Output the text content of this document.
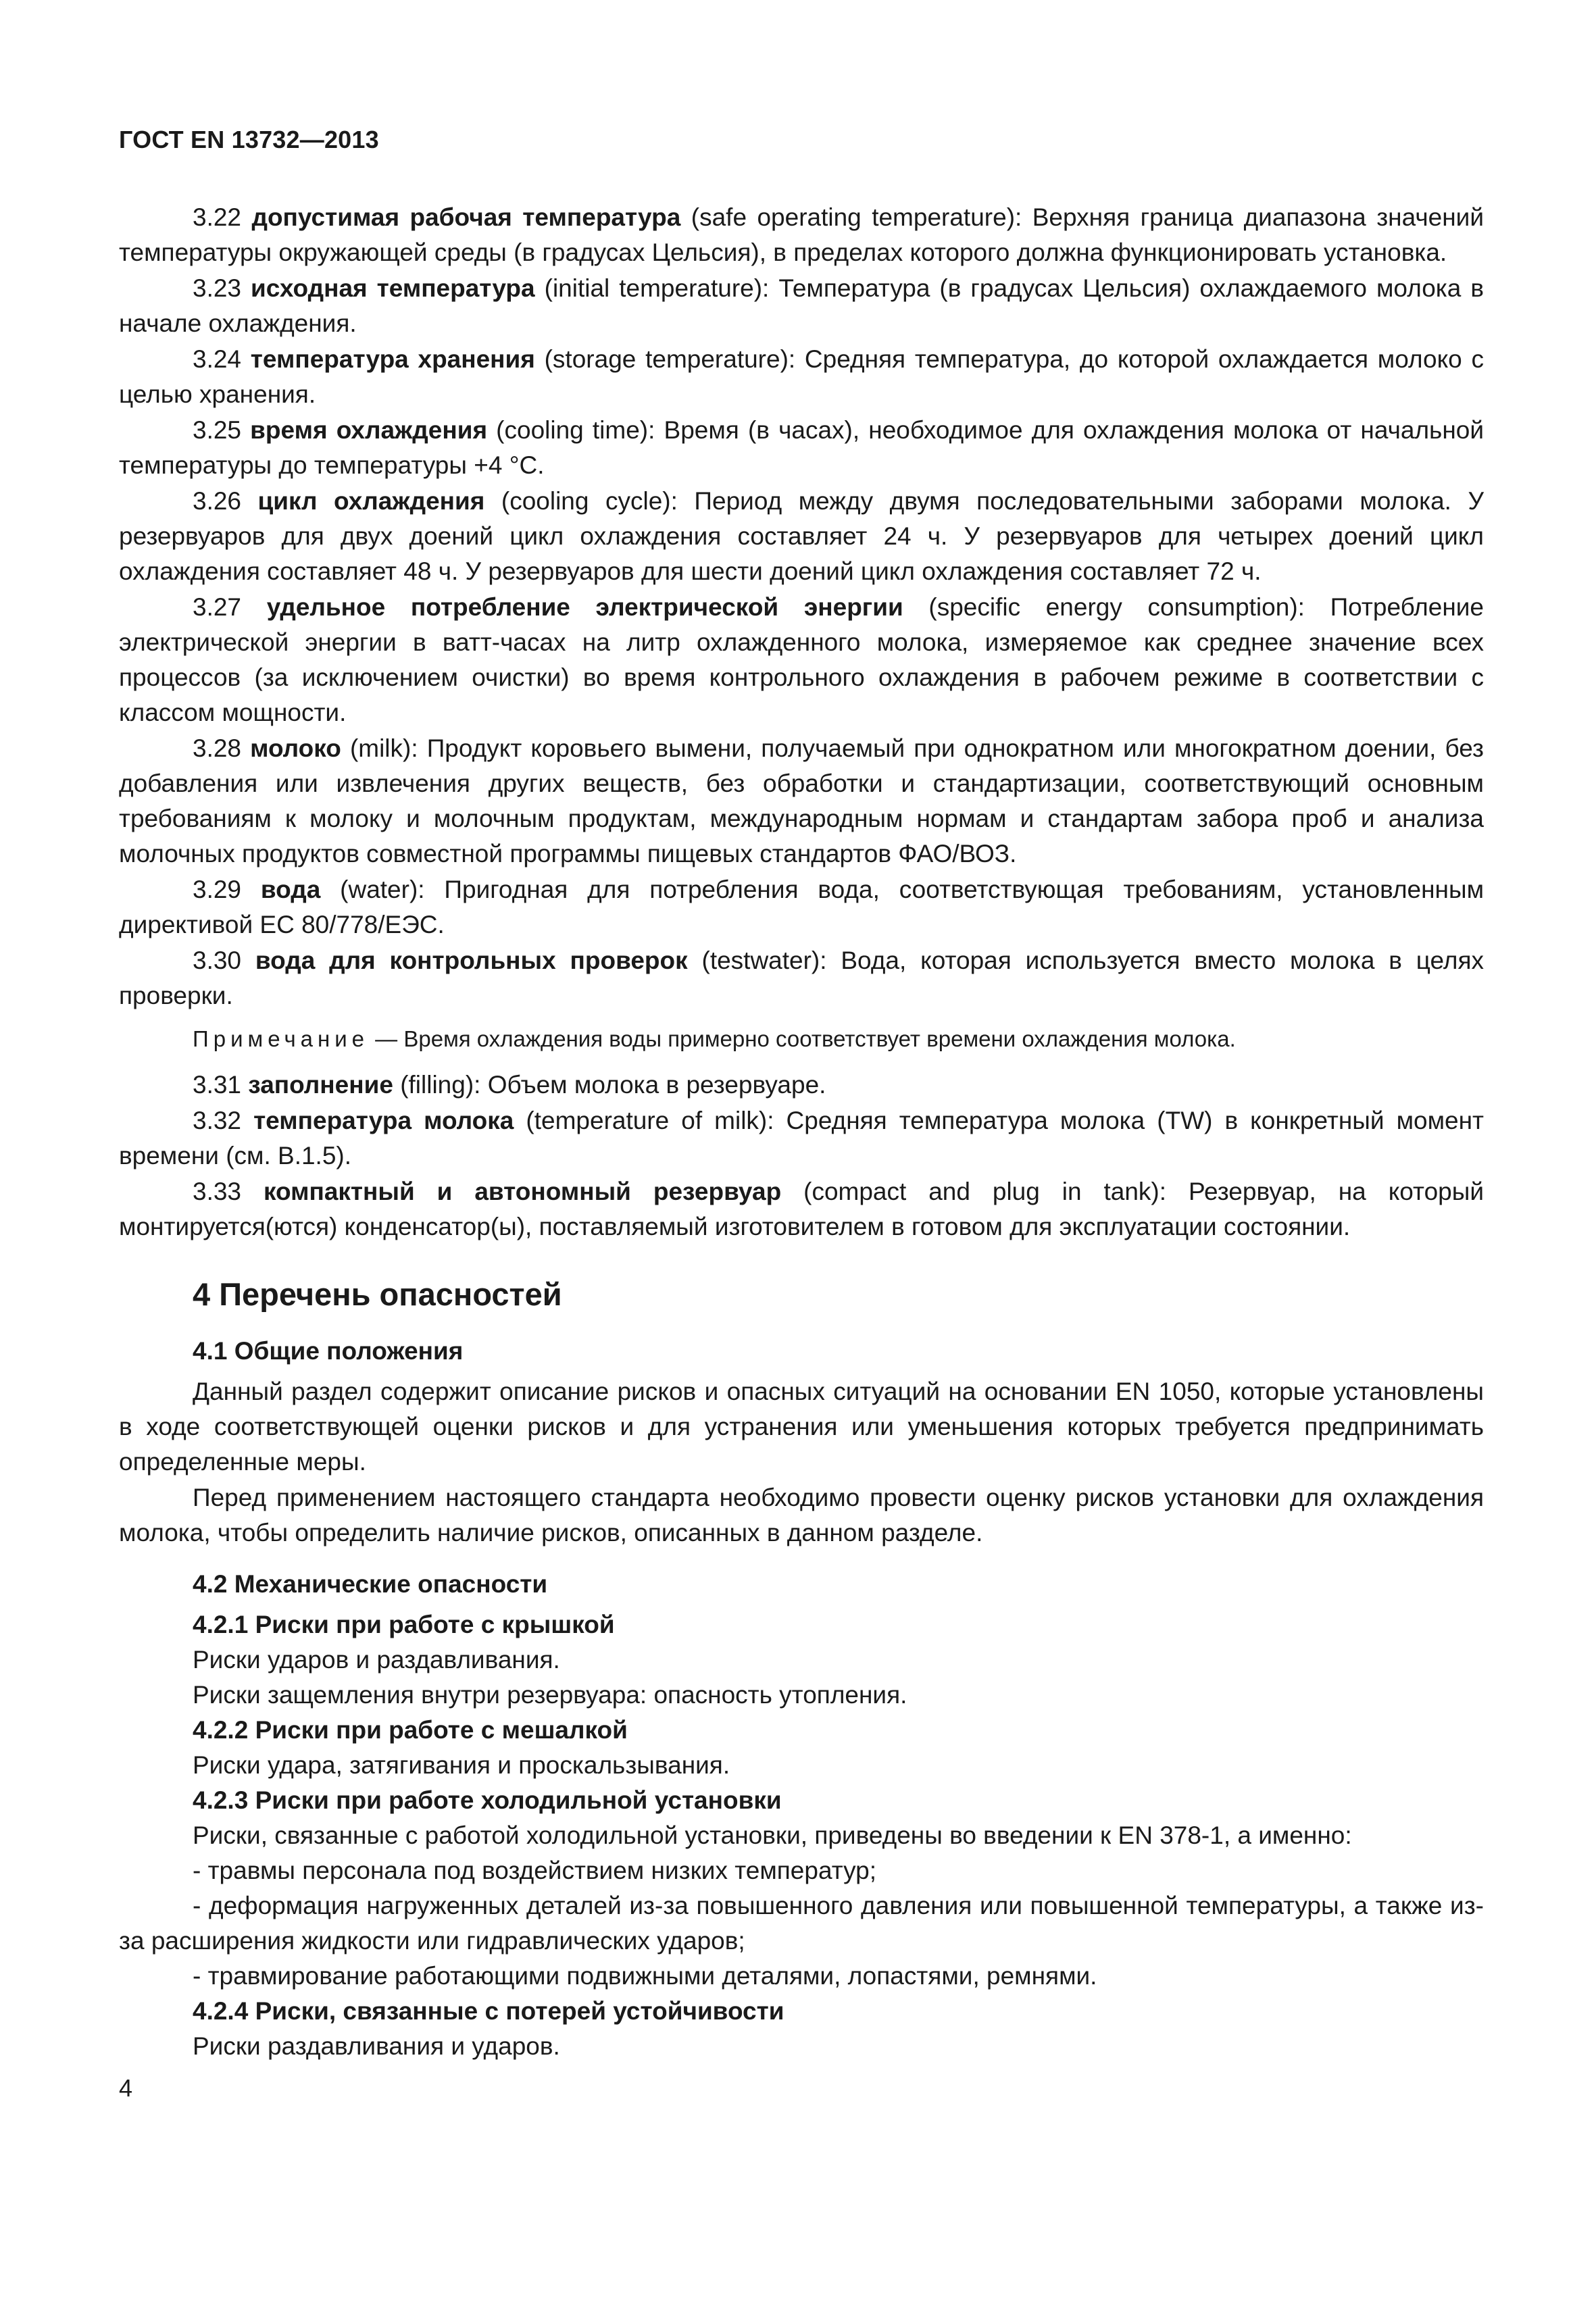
ГОСТ EN 13732—2013
3.22 допустимая рабочая температура (safe operating temperature): Верхняя граница диапазона значений температуры окружающей среды (в градусах Цельсия), в пределах которого должна функционировать установка.
3.23 исходная температура (initial temperature): Температура (в градусах Цельсия) охлаждаемого молока в начале охлаждения.
3.24 температура хранения (storage temperature): Средняя температура, до которой охлаждается молоко с целью хранения.
3.25 время охлаждения (cooling time): Время (в часах), необходимое для охлаждения молока от начальной температуры до температуры +4 °С.
3.26 цикл охлаждения (cooling cycle): Период между двумя последовательными заборами молока. У резервуаров для двух доений цикл охлаждения составляет 24 ч. У резервуаров для четырех доений цикл охлаждения составляет 48 ч. У резервуаров для шести доений цикл охлаждения составляет 72 ч.
3.27 удельное потребление электрической энергии (specific energy consumption): Потребление электрической энергии в ватт-часах на литр охлажденного молока, измеряемое как среднее значение всех процессов (за исключением очистки) во время контрольного охлаждения в рабочем режиме в соответствии с классом мощности.
3.28 молоко (milk): Продукт коровьего вымени, получаемый при однократном или многократном доении, без добавления или извлечения других веществ, без обработки и стандартизации, соответствующий основным требованиям к молоку и молочным продуктам, международным нормам и стандартам забора проб и анализа молочных продуктов совместной программы пищевых стандартов ФАО/ВОЗ.
3.29 вода (water): Пригодная для потребления вода, соответствующая требованиям, установленным директивой ЕС 80/778/ЕЭС.
3.30 вода для контрольных проверок (testwater): Вода, которая используется вместо молока в целях проверки.
Примечание — Время охлаждения воды примерно соответствует времени охлаждения молока.
3.31 заполнение (filling): Объем молока в резервуаре.
3.32 температура молока (temperature of milk): Средняя температура молока (TW) в конкретный момент времени (см. В.1.5).
3.33 компактный и автономный резервуар (compact and plug in tank): Резервуар, на который монтируется(ются) конденсатор(ы), поставляемый изготовителем в готовом для эксплуатации состоянии.
4 Перечень опасностей
4.1 Общие положения
Данный раздел содержит описание рисков и опасных ситуаций на основании EN 1050, которые установлены в ходе соответствующей оценки рисков и для устранения или уменьшения которых требуется предпринимать определенные меры.
Перед применением настоящего стандарта необходимо провести оценку рисков установки для охлаждения молока, чтобы определить наличие рисков, описанных в данном разделе.
4.2 Механические опасности
4.2.1 Риски при работе с крышкой
Риски ударов и раздавливания.
Риски защемления внутри резервуара: опасность утопления.
4.2.2 Риски при работе с мешалкой
Риски удара, затягивания и проскальзывания.
4.2.3 Риски при работе холодильной установки
Риски, связанные с работой холодильной установки, приведены во введении к EN 378-1, а именно:
- травмы персонала под воздействием низких температур;
- деформация нагруженных деталей из-за повышенного давления или повышенной температуры, а также из-за расширения жидкости или гидравлических ударов;
- травмирование работающими подвижными деталями, лопастями, ремнями.
4.2.4 Риски, связанные с потерей устойчивости
Риски раздавливания и ударов.
4
